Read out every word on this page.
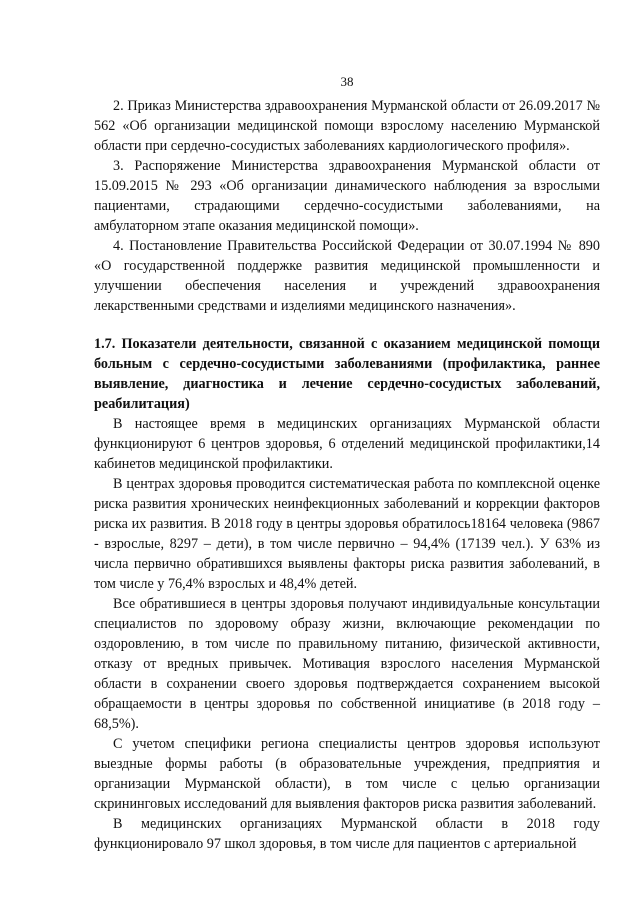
38

2. Приказ Министерства здравоохранения Мурманской области от 26.09.2017 № 562 «Об организации медицинской помощи взрослому населению Мурманской области при сердечно-сосудистых заболеваниях кардиологического профиля».

3. Распоряжение Министерства здравоохранения Мурманской области от 15.09.2015 № 293 «Об организации динамического наблюдения за взрослыми пациентами, страдающими сердечно-сосудистыми заболеваниями, на амбулаторном этапе оказания медицинской помощи».

4. Постановление Правительства Российской Федерации от 30.07.1994 № 890 «О государственной поддержке развития медицинской промышленности и улучшении обеспечения населения и учреждений здравоохранения лекарственными средствами и изделиями медицинского назначения».

1.7. Показатели деятельности, связанной с оказанием медицинской помощи больным с сердечно-сосудистыми заболеваниями (профилактика, раннее выявление, диагностика и лечение сердечно-сосудистых заболеваний, реабилитация)

В настоящее время в медицинских организациях Мурманской области функционируют 6 центров здоровья, 6 отделений медицинской профилактики,14 кабинетов медицинской профилактики.

В центрах здоровья проводится систематическая работа по комплексной оценке риска развития хронических неинфекционных заболеваний и коррекции факторов риска их развития. В 2018 году в центры здоровья обратилось18164 человека (9867 - взрослые, 8297 – дети), в том числе первично – 94,4% (17139 чел.). У 63% из числа первично обратившихся выявлены факторы риска развития заболеваний, в том числе у 76,4% взрослых и 48,4% детей.

Все обратившиеся в центры здоровья получают индивидуальные консультации специалистов по здоровому образу жизни, включающие рекомендации по оздоровлению, в том числе по правильному питанию, физической активности, отказу от вредных привычек. Мотивация взрослого населения Мурманской области в сохранении своего здоровья подтверждается сохранением высокой обращаемости в центры здоровья по собственной инициативе (в 2018 году – 68,5%).

С учетом специфики региона специалисты центров здоровья используют выездные формы работы (в образовательные учреждения, предприятия и организации Мурманской области), в том числе с целью организации скрининговых исследований для выявления факторов риска развития заболеваний.

В медицинских организациях Мурманской области в 2018 году функционировало 97 школ здоровья, в том числе для пациентов с артериальной
